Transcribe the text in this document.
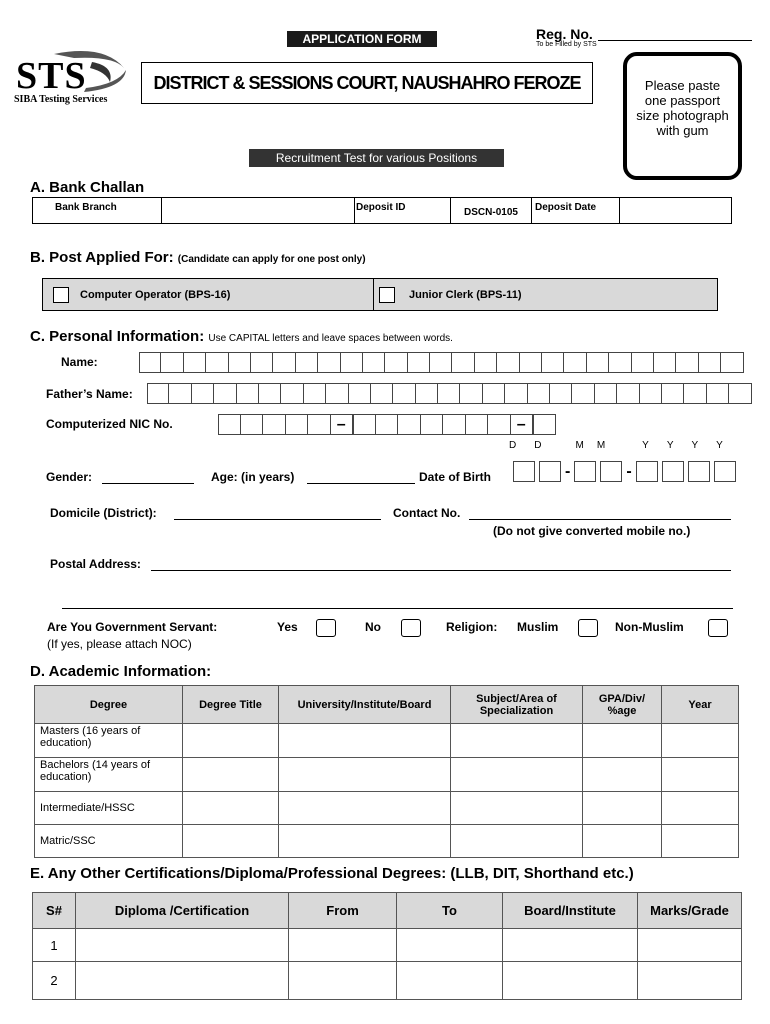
APPLICATION FORM	Reg. No.
To be Filled by STS
STS
SIBA Testing Services
DISTRICT & SESSIONS COURT, NAUSHAHRO FEROZE	Please paste one passport size photograph with gum
Recruitment Test for various Positions
A. Bank Challan
Bank Branch		Deposit ID	DSCN-0105	Deposit Date	
B. Post Applied For: (Candidate can apply for one post only)
Computer Operator (BPS-16)	Junior Clerk (BPS-11)
C. Personal Information: Use CAPITAL letters and leave spaces between words.
Name:
Father’s Name:
Computerized NIC No.	–	–
D D	M M	Y Y Y Y
Gender:	Age: (in years)	Date of Birth	-	-
Domicile (District):	Contact No.
(Do not give converted mobile no.)
Postal Address:
Are You Government Servant:
(If yes, please attach NOC)
Yes	No	Religion: Muslim	Non-Muslim
D. Academic Information:
Degree	Degree Title	University/Institute/Board	Subject/Area of Specialization	GPA/Div/ %age	Year
Masters (16 years of education)					
Bachelors (14 years of education)					
Intermediate/HSSC					
Matric/SSC					
E. Any Other Certifications/Diploma/Professional Degrees: (LLB, DIT, Shorthand etc.)
S#	Diploma /Certification	From	To	Board/Institute	Marks/Grade
1					
2					
